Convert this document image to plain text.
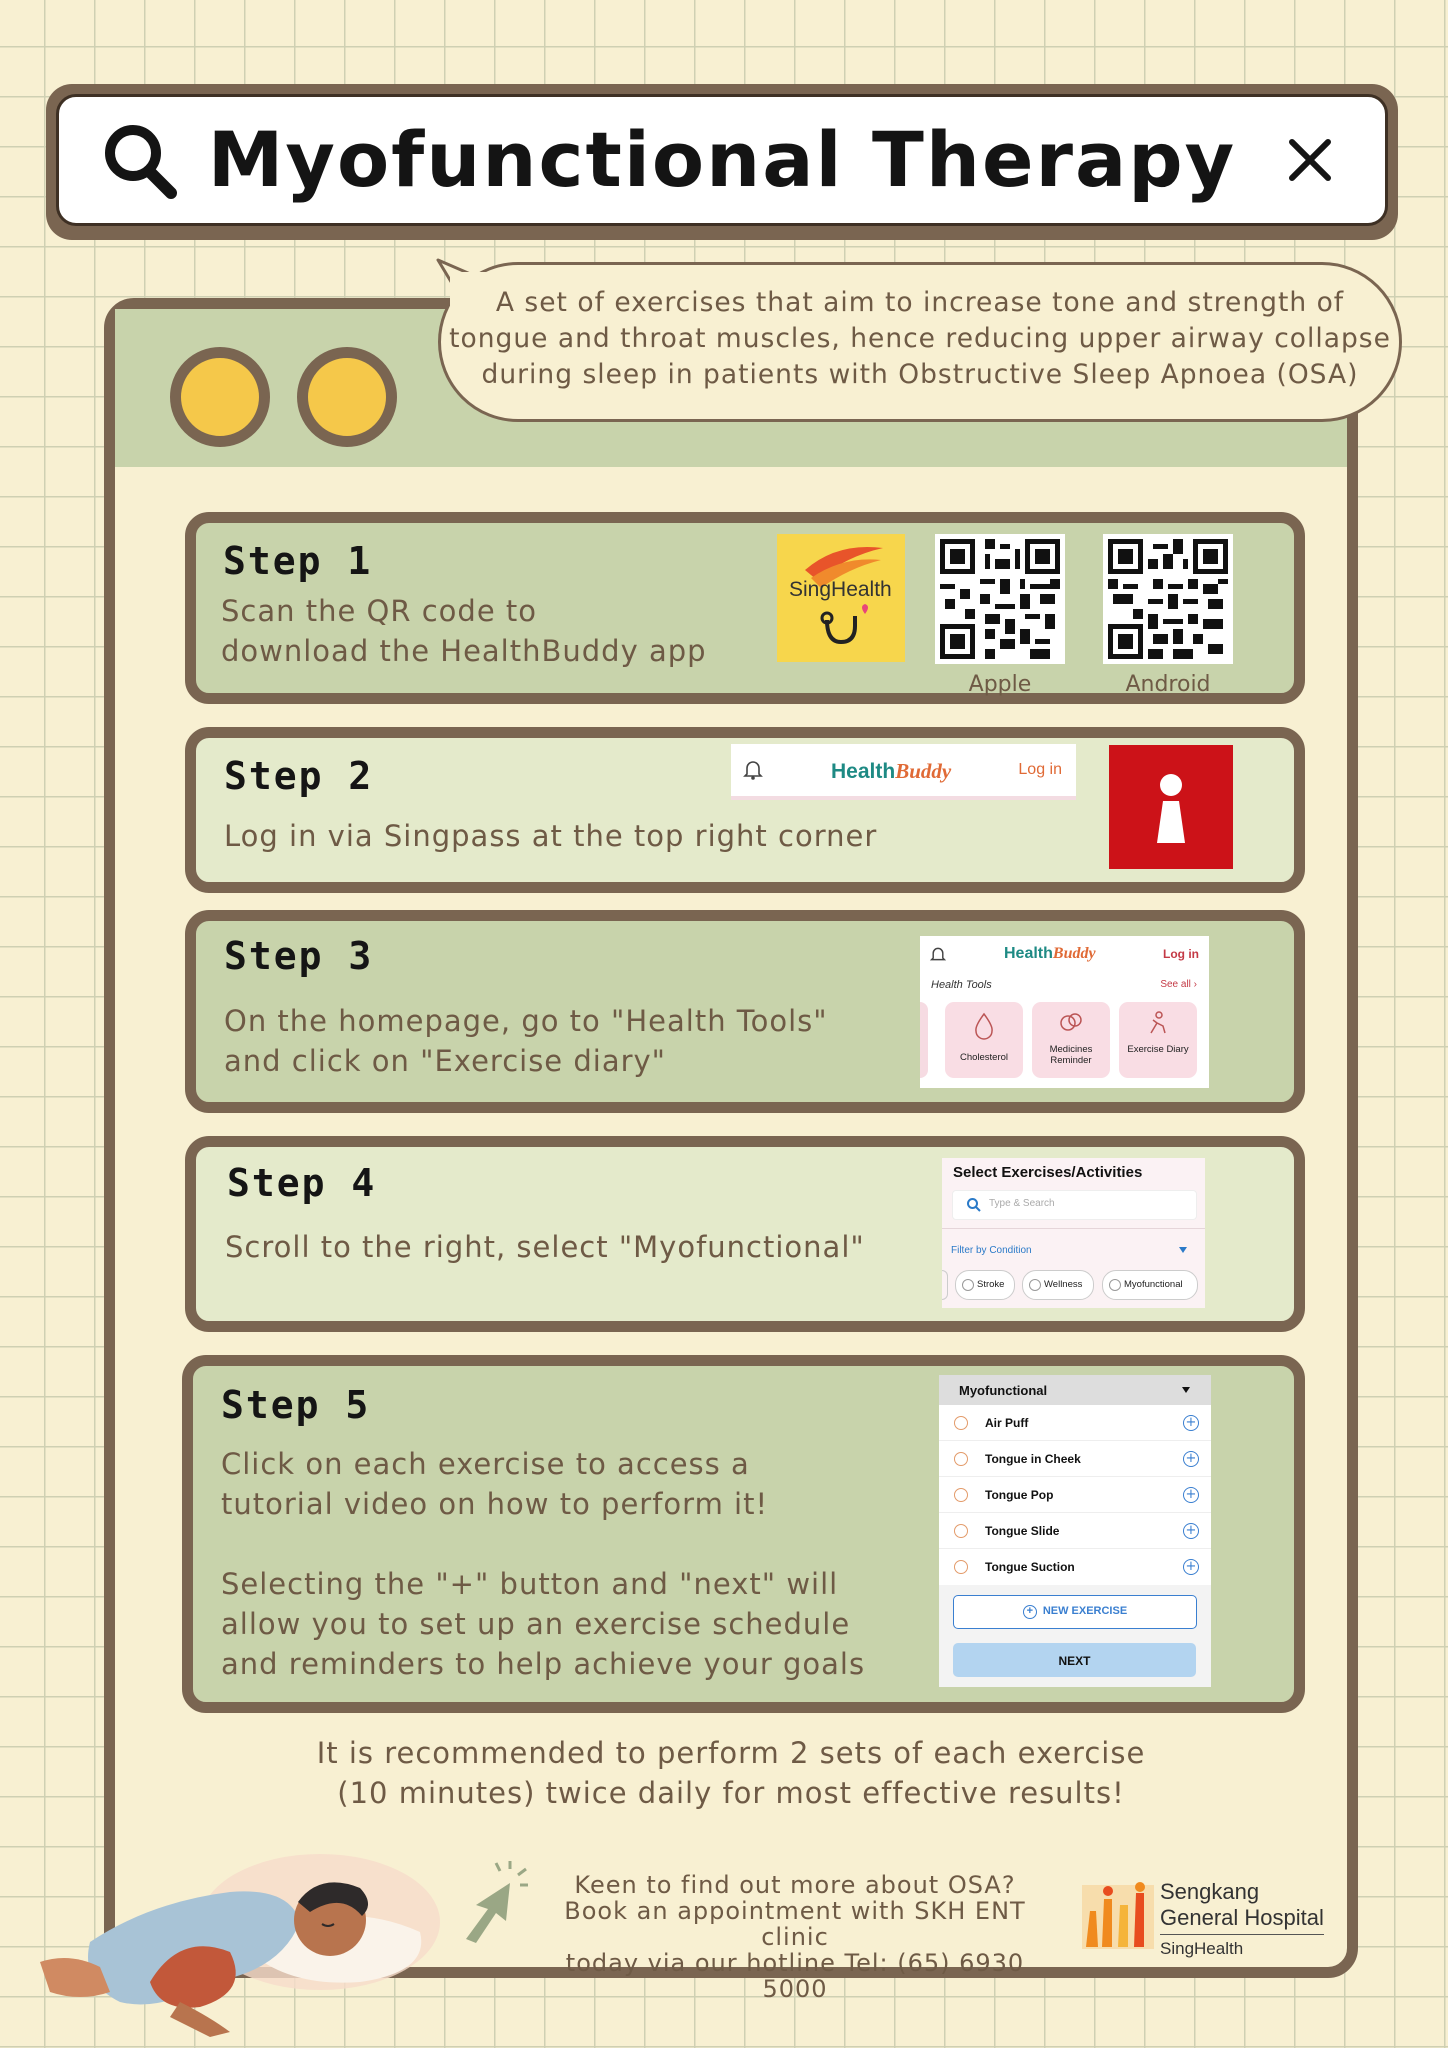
Myofunctional Therapy
Step 1
Scan the QR code to
download the HealthBuddy app
SingHealth
Apple	Android
Step 2
Log in via Singpass at the top right corner
HealthBuddy	Log in
Step 3
On the homepage, go to "Health Tools"
and click on "Exercise diary"
HealthBuddy	Log in
Health Tools	See all ›
Cholesterol
Medicines Reminder
Exercise Diary
Step 4
Scroll to the right, select "Myofunctional"
Select Exercises/Activities
Type & Search
Filter by Condition
Stroke	Wellness	Myofunctional
Step 5
Click on each exercise to access a
tutorial video on how to perform it!
Selecting the "+" button and "next" will
allow you to set up an exercise schedule
and reminders to help achieve your goals
Myofunctional
Air Puff	+
Tongue in Cheek	+
Tongue Pop	+
Tongue Slide	+
Tongue Suction	+
+ NEW EXERCISE
NEXT
It is recommended to perform 2 sets of each exercise
(10 minutes) twice daily for most effective results!
Keen to find out more about OSA?
Book an appointment with SKH ENT clinic
today via our hotline Tel: (65) 6930 5000
Sengkang
General Hospital
SingHealth
A set of exercises that aim to increase tone and strength of
tongue and throat muscles, hence reducing upper airway collapse
during sleep in patients with Obstructive Sleep Apnoea (OSA)
